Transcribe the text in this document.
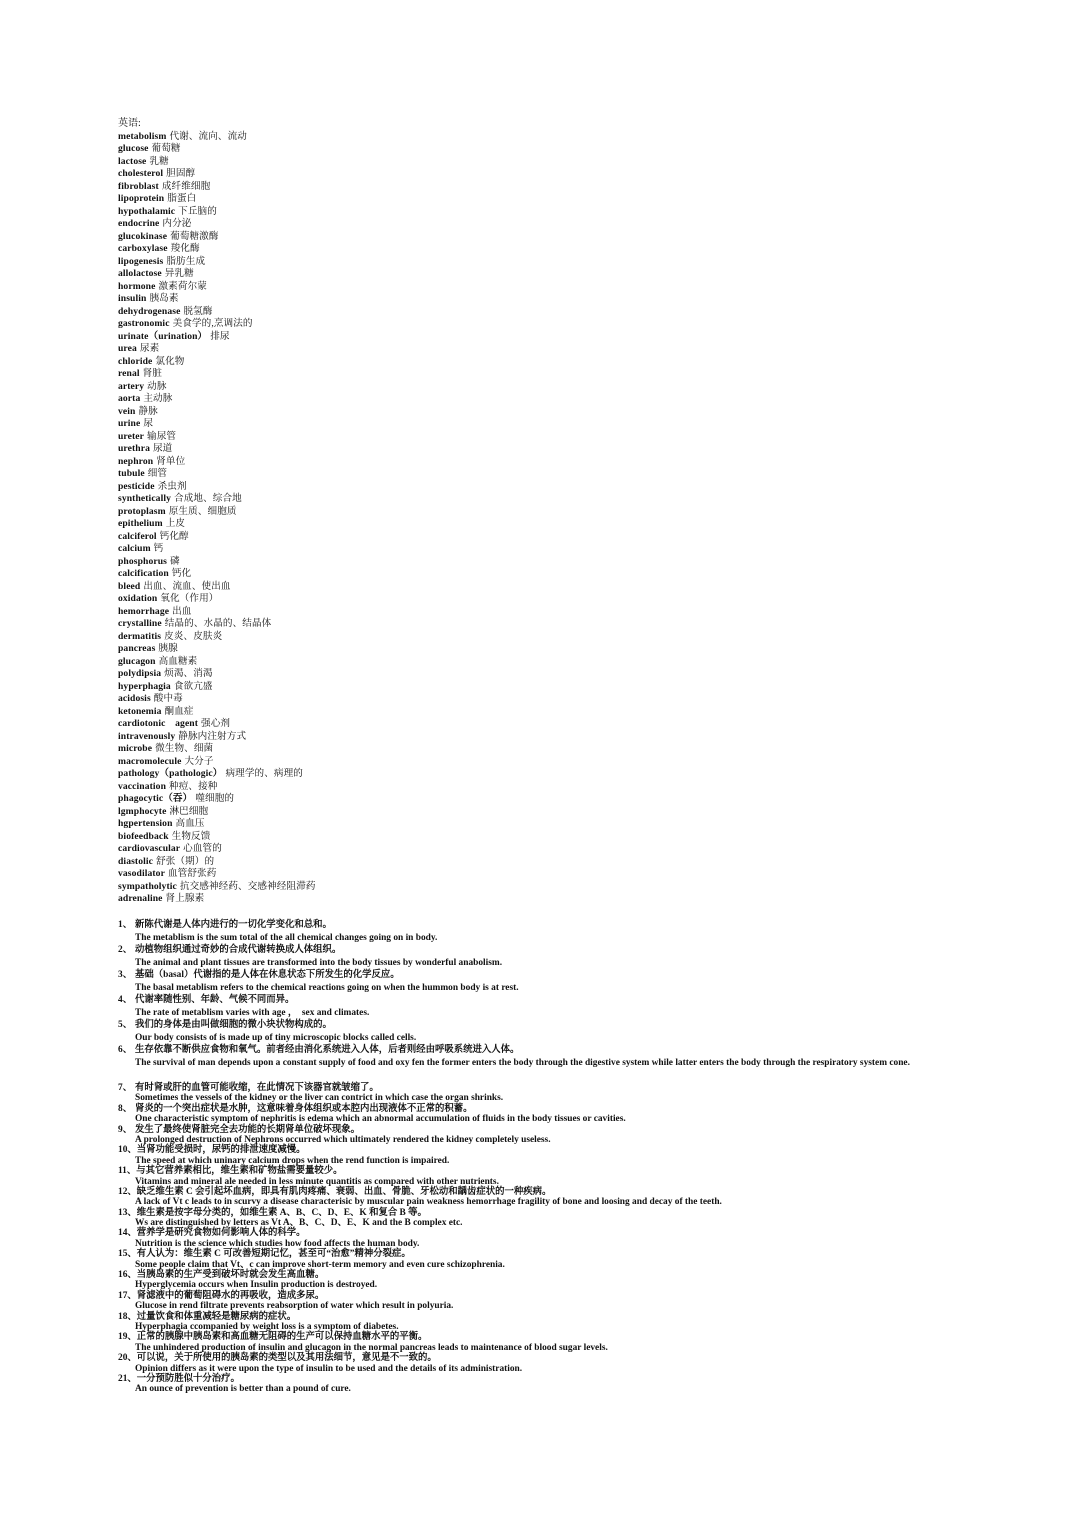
英语:
metabolism 代谢、流向、流动
glucose 葡萄糖
lactose 乳糖
cholesterol 胆固醇
fibroblast 成纤维细胞
lipoprotein 脂蛋白
hypothalamic 下丘脑的
endocrine 内分泌
glucokinase 葡萄糖激酶
carboxylase 羧化酶
lipogenesis 脂肪生成
allolactose 异乳糖
hormone 激素荷尔蒙
insulin 胰岛素
dehydrogenase 脱氢酶
gastronomic 美食学的,烹调法的
urinate（urination） 排尿
urea 尿素
chloride 氯化物
renal 肾脏
artery 动脉
aorta 主动脉
vein 静脉
urine 尿
ureter 输尿管
urethra 尿道
nephron 肾单位
tubule 细管
pesticide 杀虫剂
synthetically 合成地、综合地
protoplasm 原生质、细胞质
epithelium 上皮
calciferol 钙化醇
calcium 钙
phosphorus 磷
calcification 钙化
bleed 出血、流血、使出血
oxidation 氧化（作用）
hemorrhage 出血
crystalline 结晶的、水晶的、结晶体
dermatitis 皮炎、皮肤炎
pancreas 胰腺
glucagon 高血糖素
polydipsia 烦渴、消渴
hyperphagia 食欲亢盛
acidosis 酸中毒
ketonemia 酮血症
cardiotonic　agent 强心剂
intravenously 静脉内注射方式
microbe 微生物、细菌
macromolecule 大分子
pathology（pathologic） 病理学的、病理的
vaccination 种痘、接种
phagocytic（吞） 噬细胞的
lgmphocyte 淋巴细胞
hgpertension 高血压
biofeedback 生物反馈
cardiovascular 心血管的
diastolic 舒张（期）的
vasodilator 血管舒张药
sympatholytic 抗交感神经药、交感神经阻滞药
adrenaline 肾上腺素
1、 新陈代谢是人体内进行的一切化学变化和总和。
The metablism is the sum total of the all chemical changes going on in body.
2、 动植物组织通过奇妙的合成代谢转换成人体组织。
The animal and plant tissues are transformed into the body tissues by wonderful anabolism.
3、 基础（basal）代谢指的是人体在休息状态下所发生的化学反应。
The basal metablism refers to the chemical reactions going on when the hummon body is at rest.
4、 代谢率随性别、年龄、气候不同而异。
The rate of metablism varies with age ，　sex and climates.
5、 我们的身体是由叫做细胞的微小块状物构成的。
Our body consists of is made up of tiny microscopic blocks called cells.
6、 生存依靠不断供应食物和氧气。前者经由消化系统进入人体，后者则经由呼吸系统进入人体。
The survival of man depends upon a constant supply of food and oxy fen the former enters the body through the digestive system while latter enters the body through the respiratory system cone.
7、 有时肾或肝的血管可能收缩，在此情况下该器官就皱缩了。
Sometimes the vessels of the kidney or the liver can contrict in which case the organ shrinks.
8、 肾炎的一个突出症状是水肿，这意味着身体组织或本腔内出现液体不正常的积蓄。
One characteristic symptom of nephritis is edema which an abnormal accumulation of fluids in the body tissues or cavities.
9、 发生了最终使肾脏完全去功能的长期肾单位破坏现象。
A prolonged destruction of Nephrons occurred which ultimately rendered the kidney completely useless.
10、当肾功能受损时，尿钙的排泄速度减慢。
The speed at which uninary calcium drops when the rend function is impaired.
11、与其它营养素相比，维生素和矿物盐需要量较少。
Vitamins and mineral ale needed in less minute quantitis as compared with other nutrients.
12、缺乏维生素 C 会引起坏血病，即具有肌肉疼痛、衰弱、出血、骨脆、牙松动和龋齿症状的一种疾病。
A lack of Vt c leads to in scurvy a disease characterisic by muscular pain weakness hemorrhage fragility of bone and loosing and decay of the teeth.
13、维生素是按字母分类的，如维生素 A、B、C、D、E、K 和复合 B 等。
Ws are distinguished by letters as Vt A、B、C、D、E、K and the B complex etc.
14、营养学是研究食物如何影响人体的科学。
Nutrition is the science which studies how food affects the human body.
15、有人认为：维生素 C 可改善短期记忆，甚至可“治愈”精神分裂症。
Some people claim that Vt、c can improve short-term memory and even cure schizophrenia.
16、当胰岛素的生产受到破坏时就会发生高血糖。
Hyperglycemia occurs when Insulin production is destroyed.
17、肾滤液中的葡萄阻碍水的再吸收，造成多尿。
Glucose in rend filtrate prevents reabsorption of water which result in polyuria.
18、过量饮食和体重减轻是糖尿病的症状。
Hyperphagia ccompanied by weight loss is a symptom of diabetes.
19、正常的胰腺中胰岛素和高血糖无阻碍的生产可以保持血糖水平的平衡。
The unhindered production of insulin and glucagon in the normal pancreas leads to maintenance of blood sugar levels.
20、可以说，关于所使用的胰岛素的类型以及其用法细节，意见是不一致的。
Opinion differs as it were upon the type of insulin to be used and the details of its administration.
21、一分预防胜似十分治疗。
An ounce of prevention is better than a pound of cure.
